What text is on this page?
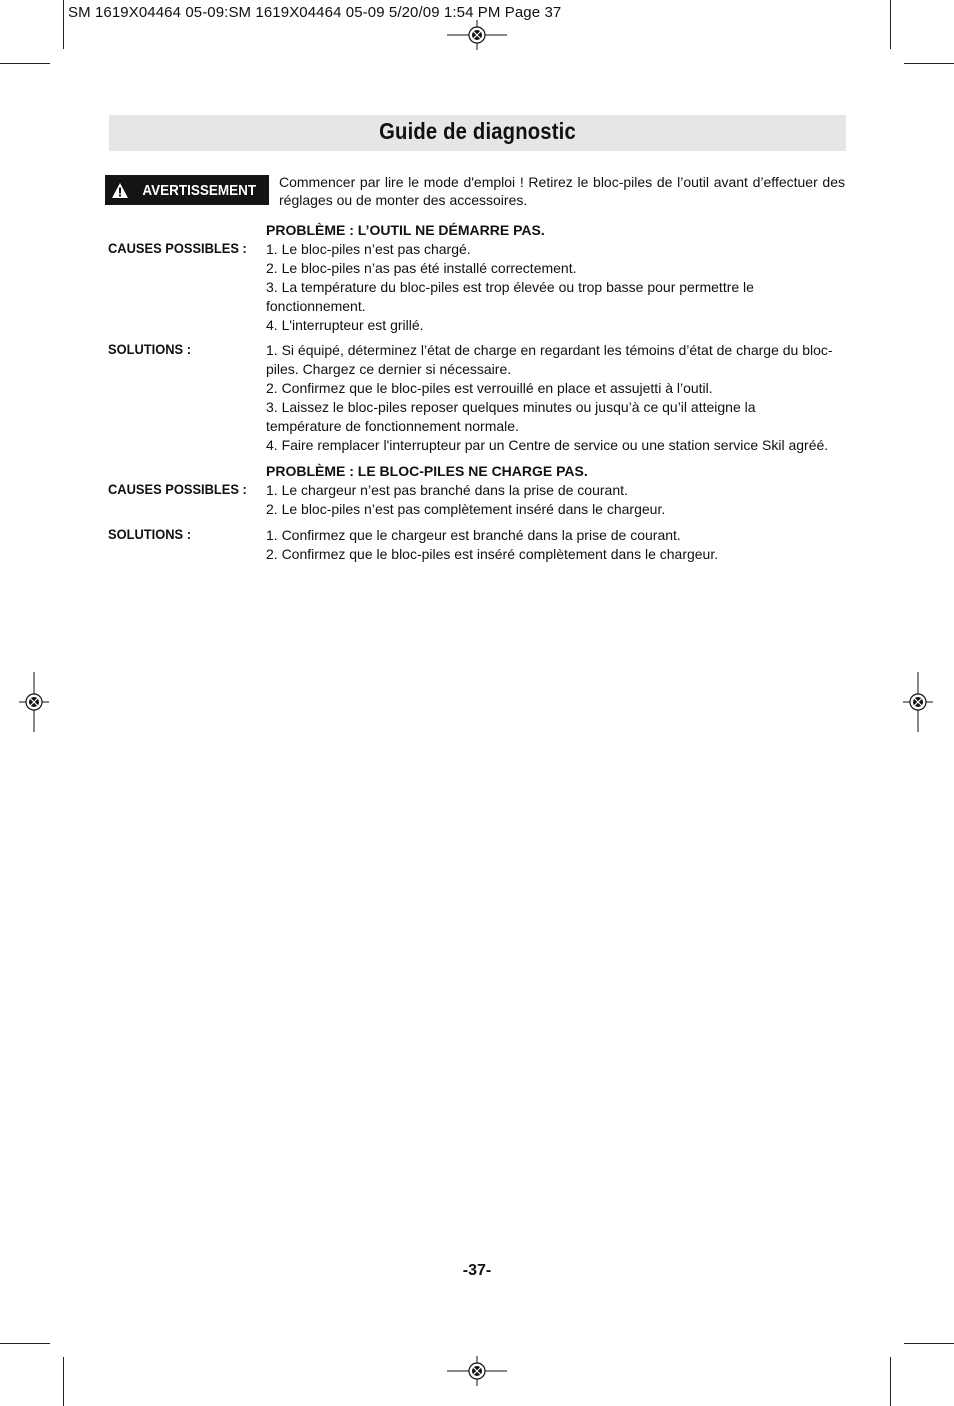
SM 1619X04464 05-09:SM 1619X04464 05-09 5/20/09 1:54 PM Page 37
Guide de diagnostic
AVERTISSEMENT Commencer par lire le mode d'emploi ! Retirez le bloc-piles de l’outil avant d’effectuer des réglages ou de monter des accessoires.
CAUSES POSSIBLES :
PROBLÈME : L’OUTIL NE DÉMARRE PAS.
1. Le bloc-piles n’est pas chargé.
2. Le bloc-piles n’as pas été installé correctement.
3. La température du bloc-piles est trop élevée ou trop basse pour permettre le fonctionnement.
4. L'interrupteur est grillé.
SOLUTIONS :	1. Si équipé, déterminez l’état de charge en regardant les témoins d’état de charge du bloc-piles. Chargez ce dernier si nécessaire.
2. Confirmez que le bloc-piles est verrouillé en place et assujetti à l’outil.
3. Laissez le bloc-piles reposer quelques minutes ou jusqu’à ce qu’il atteigne la température de fonctionnement normale.
4. Faire remplacer l'interrupteur par un Centre de service ou une station service Skil agréé.
CAUSES POSSIBLES :
PROBLÈME : LE BLOC-PILES NE CHARGE PAS.
1. Le chargeur n’est pas branché dans la prise de courant.
2. Le bloc-piles n’est pas complètement inséré dans le chargeur.
SOLUTIONS :	1. Confirmez que le chargeur est branché dans la prise de courant.
2. Confirmez que le bloc-piles est inséré complètement dans le chargeur.
-37-
